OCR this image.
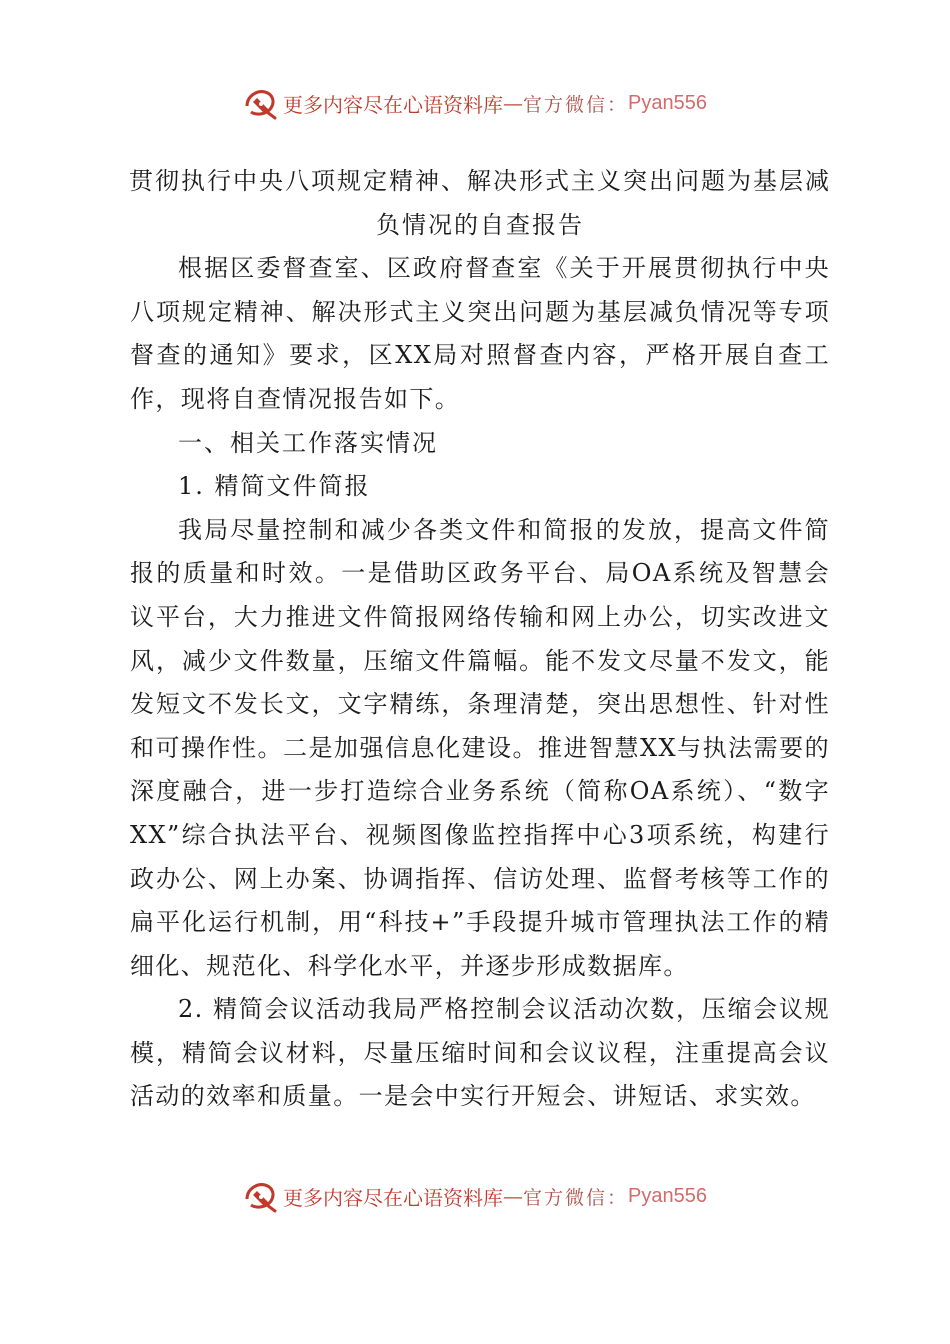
更多内容尽在心语资料库 — 官方微信： Pyan556
贯彻执行中央八项规定精神、解决形式主义突出问题为基层减负情况的自查报告

根据区委督查室、区政府督查室《关于开展贯彻执行中央八项规定精神、解决形式主义突出问题为基层减负情况等专项督查的通知》要求，区XX局对照督查内容，严格开展自查工作，现将自查情况报告如下。

一、相关工作落实情况

1. 精简文件简报

我局尽量控制和减少各类文件和简报的发放，提高文件简报的质量和时效。一是借助区政务平台、局OA系统及智慧会议平台，大力推进文件简报网络传输和网上办公，切实改进文风，减少文件数量，压缩文件篇幅。能不发文尽量不发文，能发短文不发长文，文字精练，条理清楚，突出思想性、针对性和可操作性。二是加强信息化建设。推进智慧XX与执法需要的深度融合，进一步打造综合业务系统（简称OA系统）、“数字XX”综合执法平台、视频图像监控指挥中心3项系统，构建行政办公、网上办案、协调指挥、信访处理、监督考核等工作的扁平化运行机制，用“科技+”手段提升城市管理执法工作的精细化、规范化、科学化水平，并逐步形成数据库。

2. 精简会议活动我局严格控制会议活动次数，压缩会议规模，精简会议材料，尽量压缩时间和会议议程，注重提高会议活动的效率和质量。一是会中实行开短会、讲短话、求实效。

更多内容尽在心语资料库 — 官方微信： Pyan556
